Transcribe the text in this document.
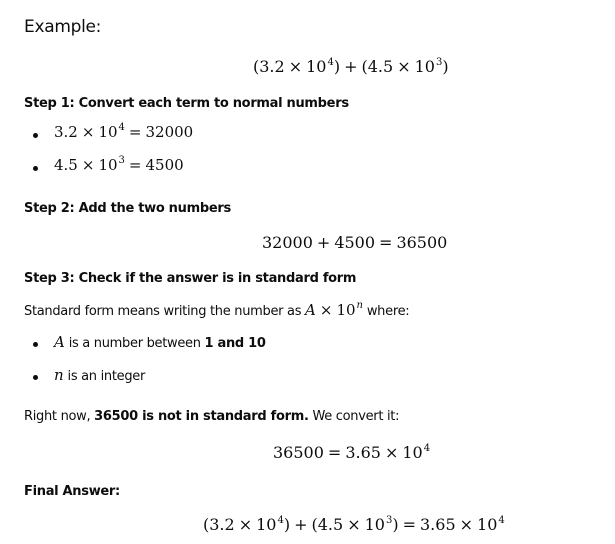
Example:
$(3.2 \times 10^4) + (4.5 \times 10^3)$
Step 1: Convert each term to normal numbers
$3.2 \times 10^4 = 32000$
$4.5 \times 10^3 = 4500$
Step 2: Add the two numbers
32000 + 4500 = 36500
Step 3: Check if the answer is in standard form
Standard form means writing the number as $A \times 10^n$ where:
A is a number between 1 and 10
n is an integer
Right now, 36500 is not in standard form. We convert it:
$36500 = 3.65 \times 10^4$
Final Answer:
$(3.2 \times 10^4) + (4.5 \times 10^3) = 3.65 \times 10^4$
